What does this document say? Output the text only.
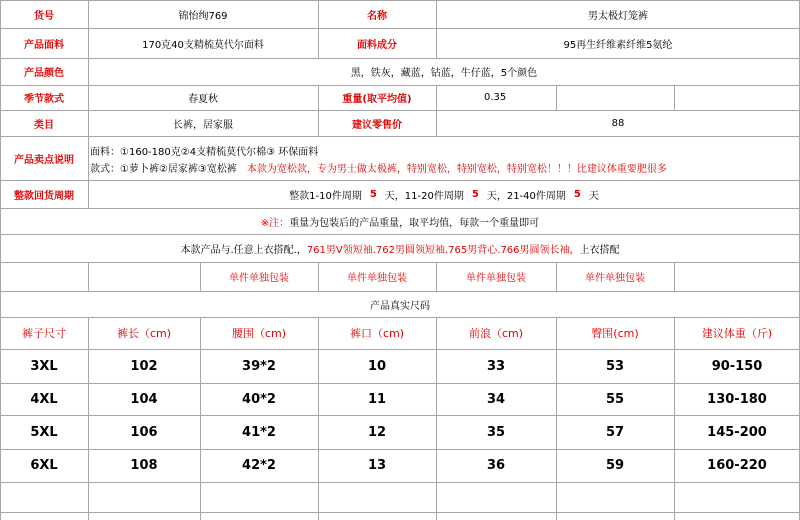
货号	锦怡绚769	名称	男太极灯笼裤
产品面料	170克40支精梳莫代尔面料	面料成分	95再生纤维素纤维5氨纶
产品颜色	黑，铁灰，藏蓝，钴蓝，牛仔蓝，5个颜色
季节款式	春夏秋	重量(取平均值)	0.35
类目	长裤，居家服	建议零售价	88
产品卖点说明
面料：①160-180克②4支精梳莫代尔棉③ 环保面料
款式：①萝卜裤②居家裤③宽松裤 本款为宽松款，专为男士做太极裤，特别宽松，特别宽松，特别宽松！！！比建议体重要肥很多
整款回货周期	整款1-10件周期 5 天，11-20件周期 5 天，21-40件周期 5 天
※注： 重量为包装后的产品重量，取平均值，每款一个重量即可
本款产品与.任意上衣搭配.， 761男V领短袖.762男圆领短袖.765男背心.766男圆领长袖， 上衣搭配
单件单独包装	单件单独包装	单件单独包装	单件单独包装
产品真实尺码
裤子尺寸	裤长（cm)	腰围（cm)	裤口（cm)	前浪（cm)	臀围(cm)	建议体重（斤)
3XL	102	39*2	10	33	53	90-150
4XL	104	40*2	11	34	55	130-180
5XL	106	41*2	12	35	57	145-200
6XL	108	42*2	13	36	59	160-220
